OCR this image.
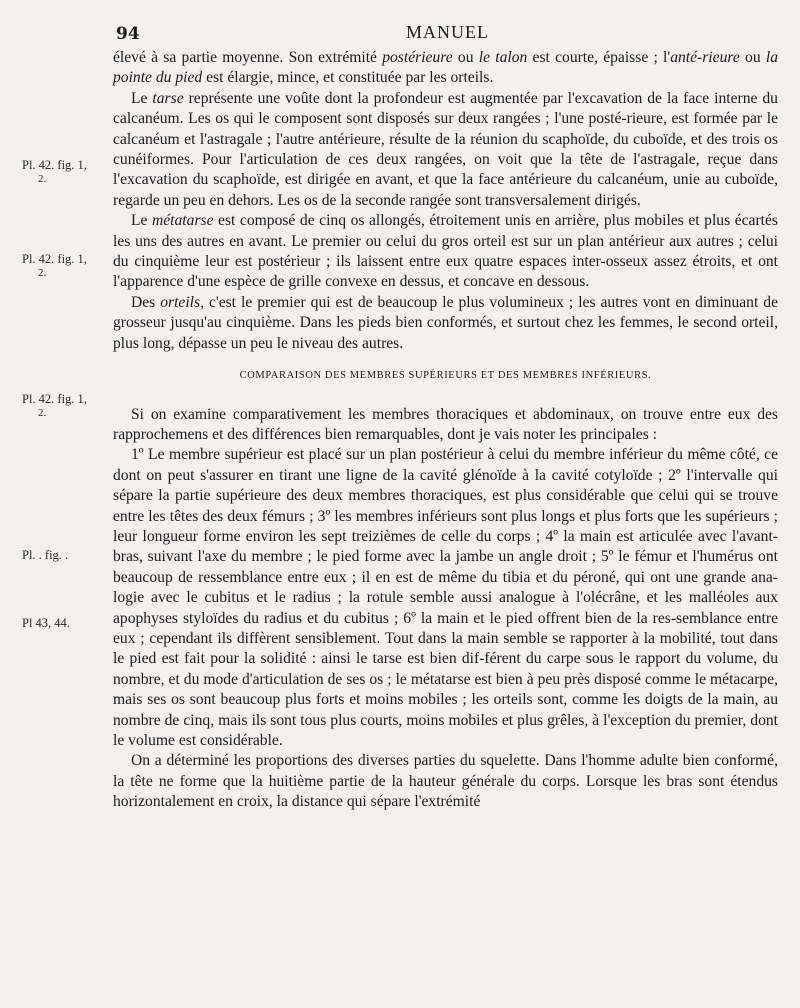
94	MANUEL
Pl. 42. fig. 1,
2.
Pl. 42. fig. 1,
2.
Pl. 42. fig. 1,
2.
Pl. . fig. .
Pl 43, 44.

élevé à sa partie moyenne. Son extrémité postérieure ou le talon est courte, épaisse ; l'anté-rieure ou la pointe du pied est élargie, mince, et constituée par les orteils.

Le tarse représente une voûte dont la profondeur est augmentée par l'excavation de la face interne du calcanéum. Les os qui le composent sont disposés sur deux rangées ; l'une posté-rieure, est formée par le calcanéum et l'astragale ; l'autre antérieure, résulte de la réunion du scaphoïde, du cuboïde, et des trois os cunéiformes. Pour l'articulation de ces deux rangées, on voit que la tête de l'astragale, reçue dans l'excavation du scaphoïde, est dirigée en avant, et que la face antérieure du calcanéum, unie au cuboïde, regarde un peu en dehors. Les os de la seconde rangée sont transversalement dirigés.

Le métatarse est composé de cinq os allongés, étroitement unis en arrière, plus mobiles et plus écartés les uns des autres en avant. Le premier ou celui du gros orteil est sur un plan antérieur aux autres ; celui du cinquième leur est postérieur ; ils laissent entre eux quatre espaces inter-osseux assez étroits, et ont l'apparence d'une espèce de grille convexe en dessus, et concave en dessous.

Des orteils, c'est le premier qui est de beaucoup le plus volumineux ; les autres vont en diminuant de grosseur jusqu'au cinquième. Dans les pieds bien conformés, et surtout chez les femmes, le second orteil, plus long, dépasse un peu le niveau des autres.

COMPARAISON DES MEMBRES SUPÉRIEURS ET DES MEMBRES INFÉRIEURS.

Si on examine comparativement les membres thoraciques et abdominaux, on trouve entre eux des rapprochemens et des différences bien remarquables, dont je vais noter les principales :

1º Le membre supérieur est placé sur un plan postérieur à celui du membre inférieur du même côté, ce dont on peut s'assurer en tirant une ligne de la cavité glénoïde à la cavité cotyloïde ; 2º l'intervalle qui sépare la partie supérieure des deux membres thoraciques, est plus considérable que celui qui se trouve entre les têtes des deux fémurs ; 3º les membres inférieurs sont plus longs et plus forts que les supérieurs ; leur longueur forme environ les sept treizièmes de celle du corps ; 4º la main est articulée avec l'avant-bras, suivant l'axe du membre ; le pied forme avec la jambe un angle droit ; 5º le fémur et l'humérus ont beaucoup de ressemblance entre eux ; il en est de même du tibia et du péroné, qui ont une grande ana-logie avec le cubitus et le radius ; la rotule semble aussi analogue à l'olécrâne, et les malléoles aux apophyses styloïdes du radius et du cubitus ; 6º la main et le pied offrent bien de la res-semblance entre eux ; cependant ils diffèrent sensiblement. Tout dans la main semble se rapporter à la mobilité, tout dans le pied est fait pour la solidité : ainsi le tarse est bien dif-férent du carpe sous le rapport du volume, du nombre, et du mode d'articulation de ses os ; le métatarse est bien à peu près disposé comme le métacarpe, mais ses os sont beaucoup plus forts et moins mobiles ; les orteils sont, comme les doigts de la main, au nombre de cinq, mais ils sont tous plus courts, moins mobiles et plus grêles, à l'exception du premier, dont le volume est considérable.

On a déterminé les proportions des diverses parties du squelette. Dans l'homme adulte bien conformé, la tête ne forme que la huitième partie de la hauteur générale du corps. Lorsque les bras sont étendus horizontalement en croix, la distance qui sépare l'extrémité
